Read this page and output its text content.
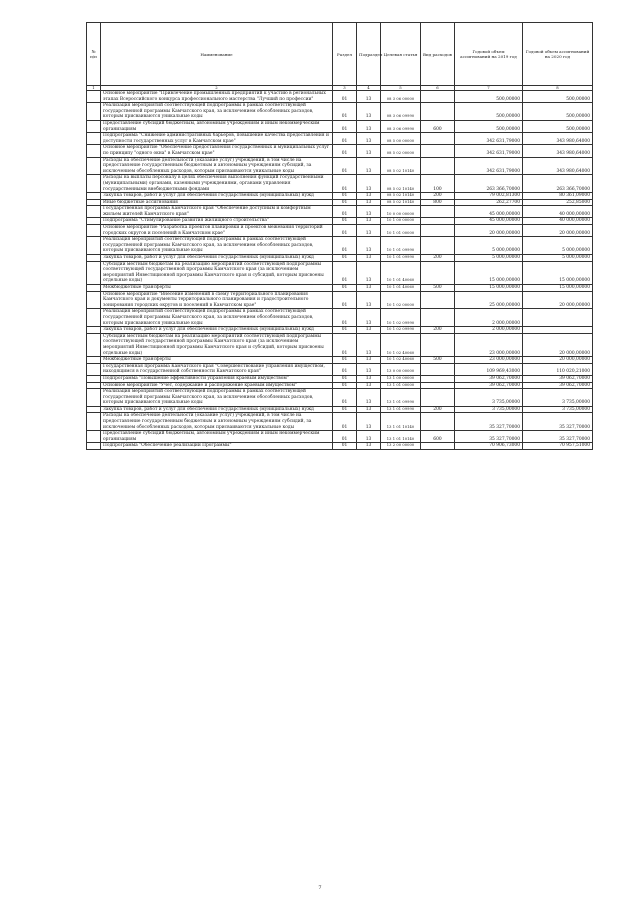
№ п/п	Наименование	Раздел	Подраздел	Целевая статья	Вид расходов	Годовой объем ассигнований на 2019 год	Годовой объем ассигнований на 2020 год
1	2	3	4	5	6	7	8
	Основное мероприятие "Привлечение промышленных предприятий к участию в региональных этапах Всероссийского конкурса профессионального мастерства "Лучший по профессии"	01	13	08 3 06 00000		500,00000	500,00000
	Реализация мероприятий соответствующей подпрограммы в рамках соответствующей государственной программы Камчатского края, за исключением обособленных расходов, которым присваиваются уникальные коды	01	13	08 3 06 09990		500,00000	500,00000
	Предоставление субсидий бюджетным, автономным учреждениям и иным некоммерческим организациям	01	13	08 3 06 09990	600	500,00000	500,00000
	Подпрограмма "Снижение административных барьеров, повышение качества предоставления и доступности государственных услуг в Камчатском крае"	01	13	08 5 00 00000		342 631,79000	343 980,64000
	Основное мероприятие "Обеспечение предоставления государственных и муниципальных услуг по принципу "одного окна" в Камчатском крае"	01	13	08 5 02 00000		342 631,79000	343 980,64000
	Расходы на обеспечение деятельности (оказание услуг) учреждений, в том числе на предоставление государственным бюджетным и автономным учреждениям субсидий, за исключением обособленных расходов, которым присваиваются уникальные коды	01	13	08 5 02 10140		342 631,79000	343 980,64000
	Расходы на выплаты персоналу в целях обеспечения выполнения функций государственными (муниципальными) органами, казенными учреждениями, органами управления государственными внебюджетными фондами	01	13	08 5 02 10140	100	263 366,70000	263 366,70000
	Закупка товаров, работ и услуг для обеспечения государственных (муниципальных) нужд	01	13	08 5 02 10140	200	79 002,81300	80 361,09000
	Иные бюджетные ассигнования	01	13	08 5 02 10140	800	262,27700	252,85000
	Государственная программа Камчатского края "Обеспечение доступным и комфортным жильем жителей Камчатского края"	01	13	10 0 00 00000		45 000,00000	40 000,00000
	Подпрограмма "Стимулирование развития жилищного строительства"	01	13	10 1 00 00000		45 000,00000	40 000,00000
	Основное мероприятие "Разработка проектов планировки и проектов межевания территорий городских округов и поселений в Камчатском крае"	01	13	10 1 01 00000		20 000,00000	20 000,00000
	Реализация мероприятий соответствующей подпрограммы в рамках соответствующей государственной программы Камчатского края, за исключением обособленных расходов, которым присваиваются уникальные коды	01	13	10 1 01 09990		5 000,00000	5 000,00000
	Закупка товаров, работ и услуг для обеспечения государственных (муниципальных) нужд	01	13	10 1 01 09990	200	5 000,00000	5 000,00000
	Субсидии местным бюджетам на реализацию мероприятий соответствующей подпрограммы соответствующей государственной программы Камчатского края (за исключением мероприятий Инвестиционной программы Камчатского края и субсидий, которым присвоены отдельные коды)	01	13	10 1 01 40060		15 000,00000	15 000,00000
	Межбюджетные трансферты	01	13	10 1 01 40060	500	15 000,00000	15 000,00000
	Основное мероприятие "Внесение изменений в схему территориального планирования Камчатского края и документы территориального планирования и градостроительного зонирования городских округов и поселений в Камчатском крае"	01	13	10 1 02 00000		25 000,00000	20 000,00000
	Реализация мероприятий соответствующей подпрограммы в рамках соответствующей государственной программы Камчатского края, за исключением обособленных расходов, которым присваиваются уникальные коды	01	13	10 1 02 09990		2 000,00000	
	Закупка товаров, работ и услуг для обеспечения государственных (муниципальных) нужд	01	13	10 1 02 09990	200	2 000,00000	
	Субсидии местным бюджетам на реализацию мероприятий соответствующей подпрограммы соответствующей государственной программы Камчатского края (за исключением мероприятий Инвестиционной программы Камчатского края и субсидий, которым присвоены отдельные коды)	01	13	10 1 02 40060		23 000,00000	20 000,00000
	Межбюджетные трансферты	01	13	10 1 02 40060	500	23 000,00000	20 000,00000
	Государственная программа Камчатского края "Совершенствование управления имуществом, находящимся в государственной собственности Камчатского края"	01	13	13 0 00 00000		109 969,43000	110 020,21000
	Подпрограмма "Повышение эффективности управления краевым имуществом"	01	13	13 1 00 00000		39 062,70000	39 062,70000
	Основное мероприятие "Учет, содержание и распоряжение краевым имуществом"	01	13	13 1 01 00000		39 062,70000	39 062,70000
	Реализация мероприятий соответствующей подпрограммы в рамках соответствующей государственной программы Камчатского края, за исключением обособленных расходов, которым присваиваются уникальные коды	01	13	13 1 01 09990		3 735,00000	3 735,00000
	Закупка товаров, работ и услуг для обеспечения государственных (муниципальных) нужд	01	13	13 1 01 09990	200	3 735,00000	3 735,00000
	Расходы на обеспечение деятельности (оказание услуг) учреждений, в том числе на предоставление государственным бюджетным и автономным учреждениям субсидий, за исключением обособленных расходов, которым присваиваются уникальные коды	01	13	13 1 01 10140		35 327,70000	35 327,70000
	Предоставление субсидий бюджетным, автономным учреждениям и иным некоммерческим организациям	01	13	13 1 01 10140	600	35 327,70000	35 327,70000
	Подпрограмма "Обеспечение реализации Программы"	01	13	13 2 00 00000		70 906,73000	70 957,51000
7
